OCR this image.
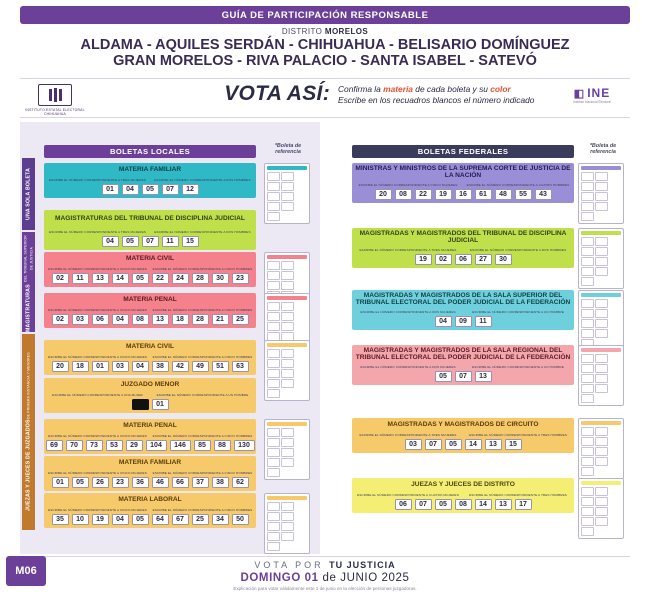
GUÍA DE PARTICIPACIÓN RESPONSABLE
DISTRITO MORELOS
ALDAMA - AQUILES SERDÁN - CHIHUAHUA - BELISARIO DOMÍNGUEZ
GRAN MORELOS - RIVA PALACIO - SANTA ISABEL - SATEVÓ
INSTITUTO ESTATAL ELECTORAL CHIHUAHUA
VOTA ASÍ: Confirma la materia de cada boleta y su color
Escribe en los recuadros blancos el número indicado	◧ INE
Instituto Nacional Electoral
UNA SOLA BOLETA
MAGISTRATURAS
DEL TRIBUNAL SUPERIOR DE JUSTICIA
JUEZAS Y JUECES DE JUZGADOS
DE PRIMERA INSTANCIA Y MENORES
BOLETAS LOCALES	BOLETAS FEDERALES
*Boleta de referencia
*Boleta de referencia
VOTA POR TU JUSTICIA
DOMINGO 01 de JUNIO 2025
Explicación para votar válidamente este 1 de junio en la elección de personas juzgadoras.
M06
MATERIA FAMILIAR
ESCRIBE EL NÚMERO CORRESPONDIENTE A TRES MUJERES	ESCRIBE EL NÚMERO CORRESPONDIENTE A DOS HOMBRES
01	04	05	07	12
MAGISTRATURAS DEL TRIBUNAL DE DISCIPLINA JUDICIAL
ESCRIBE EL NÚMERO CORRESPONDIENTE A TRES MUJERES	ESCRIBE EL NÚMERO CORRESPONDIENTE A DOS HOMBRES
04	05	07	11	15
MATERIA CIVIL
ESCRIBE EL NÚMERO CORRESPONDIENTE A CINCO MUJERES	ESCRIBE EL NÚMERO CORRESPONDIENTE A CINCO HOMBRES
02	11	13	14	05	22	24	28	30	23
MATERIA PENAL
ESCRIBE EL NÚMERO CORRESPONDIENTE A CINCO MUJERES	ESCRIBE EL NÚMERO CORRESPONDIENTE A CINCO HOMBRES
02	03	06	04	08	13	18	28	21	25
MATERIA CIVIL
ESCRIBE EL NÚMERO CORRESPONDIENTE A CINCO MUJERES	ESCRIBE EL NÚMERO CORRESPONDIENTE A CINCO HOMBRES
20	18	01	03	04	38	42	49	51	63
JUZGADO MENOR
ESCRIBE EL NÚMERO CORRESPONDIENTE A UNA MUJER	ESCRIBE EL NÚMERO CORRESPONDIENTE A UN HOMBRE
01
MATERIA PENAL
ESCRIBE EL NÚMERO CORRESPONDIENTE A CINCO MUJERES	ESCRIBE EL NÚMERO CORRESPONDIENTE A CINCO HOMBRES
69	70	73	53	29	104	146	85	88	130
MATERIA FAMILIAR
ESCRIBE EL NÚMERO CORRESPONDIENTE A CINCO MUJERES	ESCRIBE EL NÚMERO CORRESPONDIENTE A CINCO HOMBRES
01	05	26	23	36	46	66	37	38	62
MATERIA LABORAL
ESCRIBE EL NÚMERO CORRESPONDIENTE A CINCO MUJERES	ESCRIBE EL NÚMERO CORRESPONDIENTE A CINCO HOMBRES
35	10	19	04	05	64	67	25	34	50
MINISTRAS Y MINISTROS DE LA SUPREMA CORTE DE JUSTICIA DE LA NACIÓN
ESCRIBE EL NÚMERO CORRESPONDIENTE A CINCO MUJERES	ESCRIBE EL NÚMERO CORRESPONDIENTE A CUATRO HOMBRES
20	08	22	19	16	61	48	55	43
MAGISTRADAS Y MAGISTRADOS DEL TRIBUNAL DE DISCIPLINA JUDICIAL
ESCRIBE EL NÚMERO CORRESPONDIENTE A TRES MUJERES	ESCRIBE EL NÚMERO CORRESPONDIENTE A DOS HOMBRES
19	02	06	27	30
MAGISTRADAS Y MAGISTRADOS DE LA SALA SUPERIOR DEL TRIBUNAL ELECTORAL DEL PODER JUDICIAL DE LA FEDERACIÓN
ESCRIBE EL NÚMERO CORRESPONDIENTE A DOS MUJERES	ESCRIBE EL NÚMERO CORRESPONDIENTE A UN HOMBRE
04	09	11
MAGISTRADAS Y MAGISTRADOS DE LA SALA REGIONAL DEL TRIBUNAL ELECTORAL DEL PODER JUDICIAL DE LA FEDERACIÓN
ESCRIBE EL NÚMERO CORRESPONDIENTE A DOS MUJERES	ESCRIBE EL NÚMERO CORRESPONDIENTE A UN HOMBRE
05	07	13
MAGISTRADAS Y MAGISTRADOS DE CIRCUITO
ESCRIBE EL NÚMERO CORRESPONDIENTE A TRES MUJERES	ESCRIBE EL NÚMERO CORRESPONDIENTE A TRES HOMBRES
03	07	05	14	13	15
JUEZAS Y JUECES DE DISTRITO
ESCRIBE EL NÚMERO CORRESPONDIENTE A CUATRO MUJERES	ESCRIBE EL NÚMERO CORRESPONDIENTE A TRES HOMBRES
06	07	05	08	14	13	17
